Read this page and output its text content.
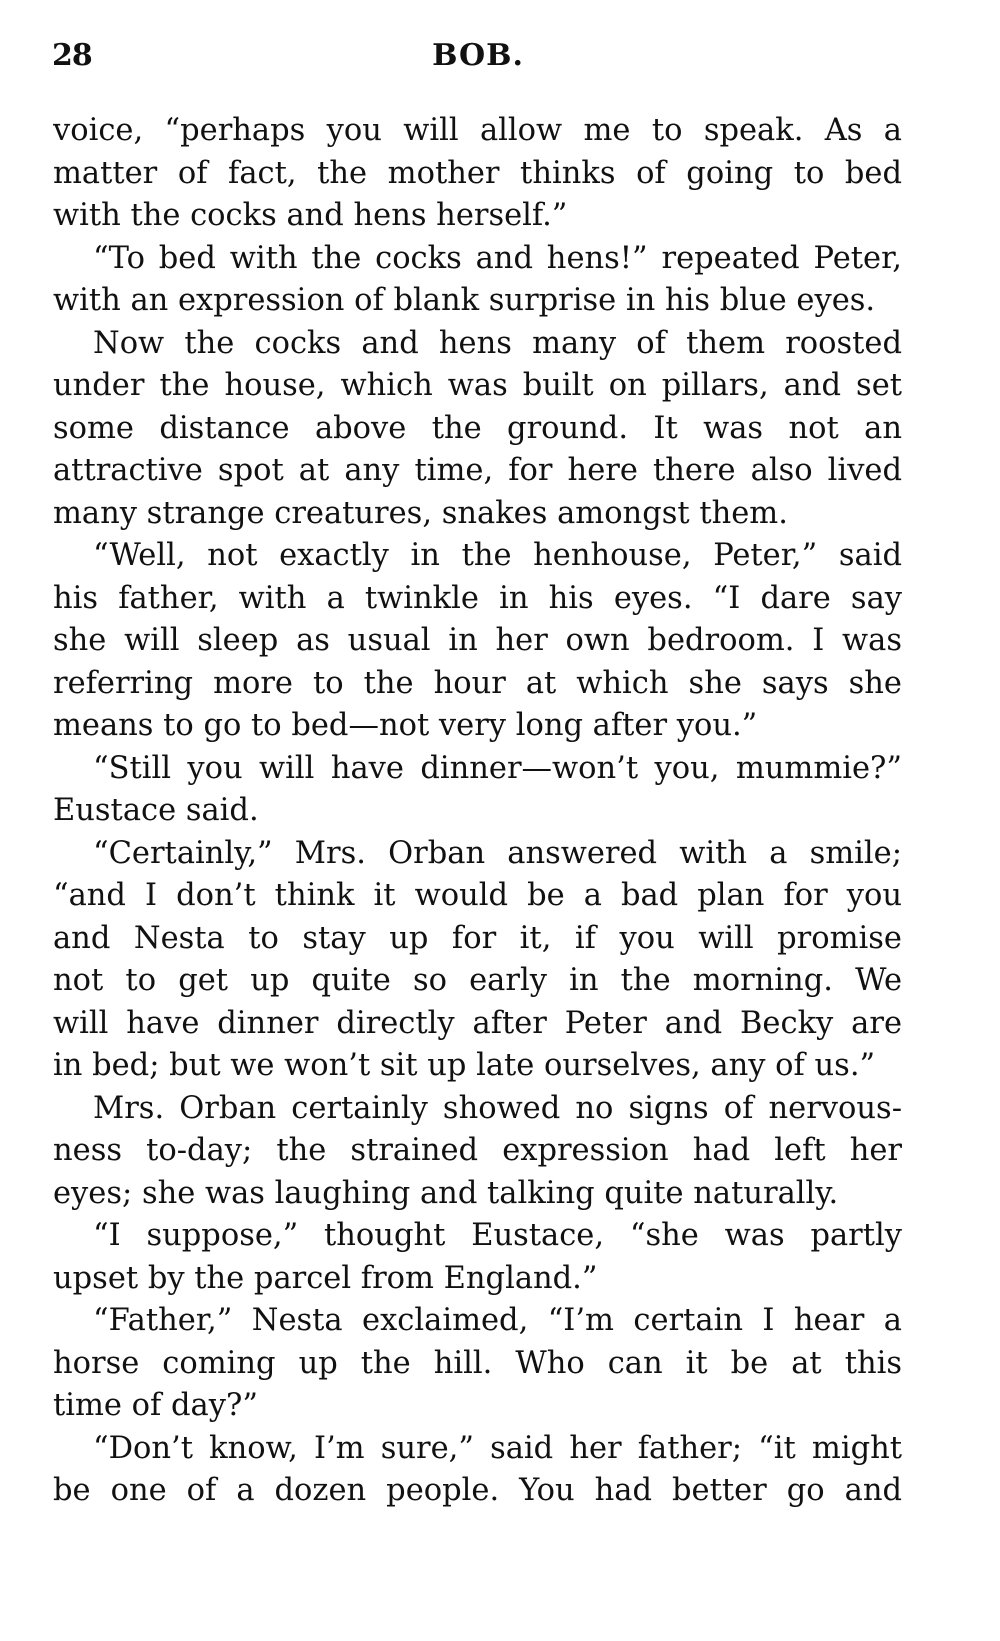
28	BOB.
voice, “perhaps you will allow me to speak. As a
matter of fact, the mother thinks of going to bed
with the cocks and hens herself.”
“To bed with the cocks and hens!” repeated Peter,
with an expression of blank surprise in his blue eyes.
Now the cocks and hens many of them roosted
under the house, which was built on pillars, and set
some distance above the ground. It was not an
attractive spot at any time, for here there also lived
many strange creatures, snakes amongst them.
“Well, not exactly in the henhouse, Peter,” said
his father, with a twinkle in his eyes. “I dare say
she will sleep as usual in her own bedroom. I was
referring more to the hour at which she says she
means to go to bed—not very long after you.”
“Still you will have dinner—won’t you, mummie?”
Eustace said.
“Certainly,” Mrs. Orban answered with a smile;
“and I don’t think it would be a bad plan for you
and Nesta to stay up for it, if you will promise
not to get up quite so early in the morning. We
will have dinner directly after Peter and Becky are
in bed; but we won’t sit up late ourselves, any of us.”
Mrs. Orban certainly showed no signs of nervous-
ness to-day; the strained expression had left her
eyes; she was laughing and talking quite naturally.
“I suppose,” thought Eustace, “she was partly
upset by the parcel from England.”
“Father,” Nesta exclaimed, “I’m certain I hear a
horse coming up the hill. Who can it be at this
time of day?”
“Don’t know, I’m sure,” said her father; “it might
be one of a dozen people. You had better go and
